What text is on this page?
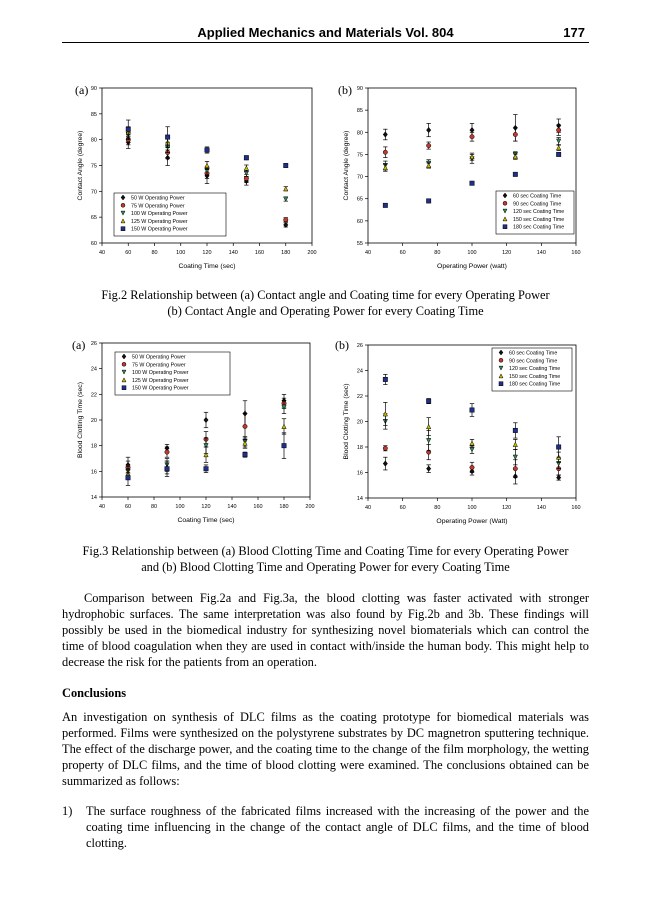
Applied Mechanics and Materials Vol. 804	177
(a)
40	60	80	100	120	140	160	180	200
60
65
70
75
80
85
90
Coating Time (sec)
Contact Angle (degree)	50 W Operating Power
75 W Operating Power
100 W Operating Power
125 W Operating Power
150 W Operating Power
(b)
40	60	80	100	120	140	160
55
60
65
70
75
80
85
90
Operating Power (watt)
Contact Angle (degree)	60 sec Coating Time
90 sec Coating Time
120 sec Coating Time
150 sec Coating Time
180 sec Coating Time
Fig.2 Relationship between (a) Contact angle and Coating time for every Operating Power
(b) Contact Angle and Operating Power for every Coating Time
(a)
40	60	80	100	120	140	160	180	200
14
16
18
20
22
24
26
Coating Time (sec)
Blood Clotting Time (sec)
50 W Operating Power
75 W Operating Power
100 W Operating Power
125 W Operating Power
150 W Operating Power
(b)
40	60	80	100	120	140	160
14
16
18
20
22
24
26
Operating Power (Watt)
Blood Clotting Time (sec)
60 sec Coating Time
90 sec Coating Time
120 sec Coating Time
150 sec Coating Time
180 sec Coating Time
Fig.3 Relationship between (a) Blood Clotting Time and Coating Time for every Operating Power
and (b) Blood Clotting Time and Operating Power for every Coating Time
Comparison between Fig.2a and Fig.3a, the blood clotting was faster activated with stronger hydrophobic surfaces. The same interpretation was also found by Fig.2b and 3b. These findings will possibly be used in the biomedical industry for synthesizing novel biomaterials which can control the time of blood coagulation when they are used in contact with/inside the human body. This might help to decrease the risk for the patients from an operation.
Conclusions
An investigation on synthesis of DLC films as the coating prototype for biomedical materials was performed. Films were synthesized on the polystyrene substrates by DC magnetron sputtering technique. The effect of the discharge power, and the coating time to the change of the film morphology, the wetting property of DLC films, and the time of blood clotting were examined. The conclusions obtained can be summarized as follows:
1) The surface roughness of the fabricated films increased with the increasing of the power and the coating time influencing in the change of the contact angle of DLC films, and the time of blood clotting.
